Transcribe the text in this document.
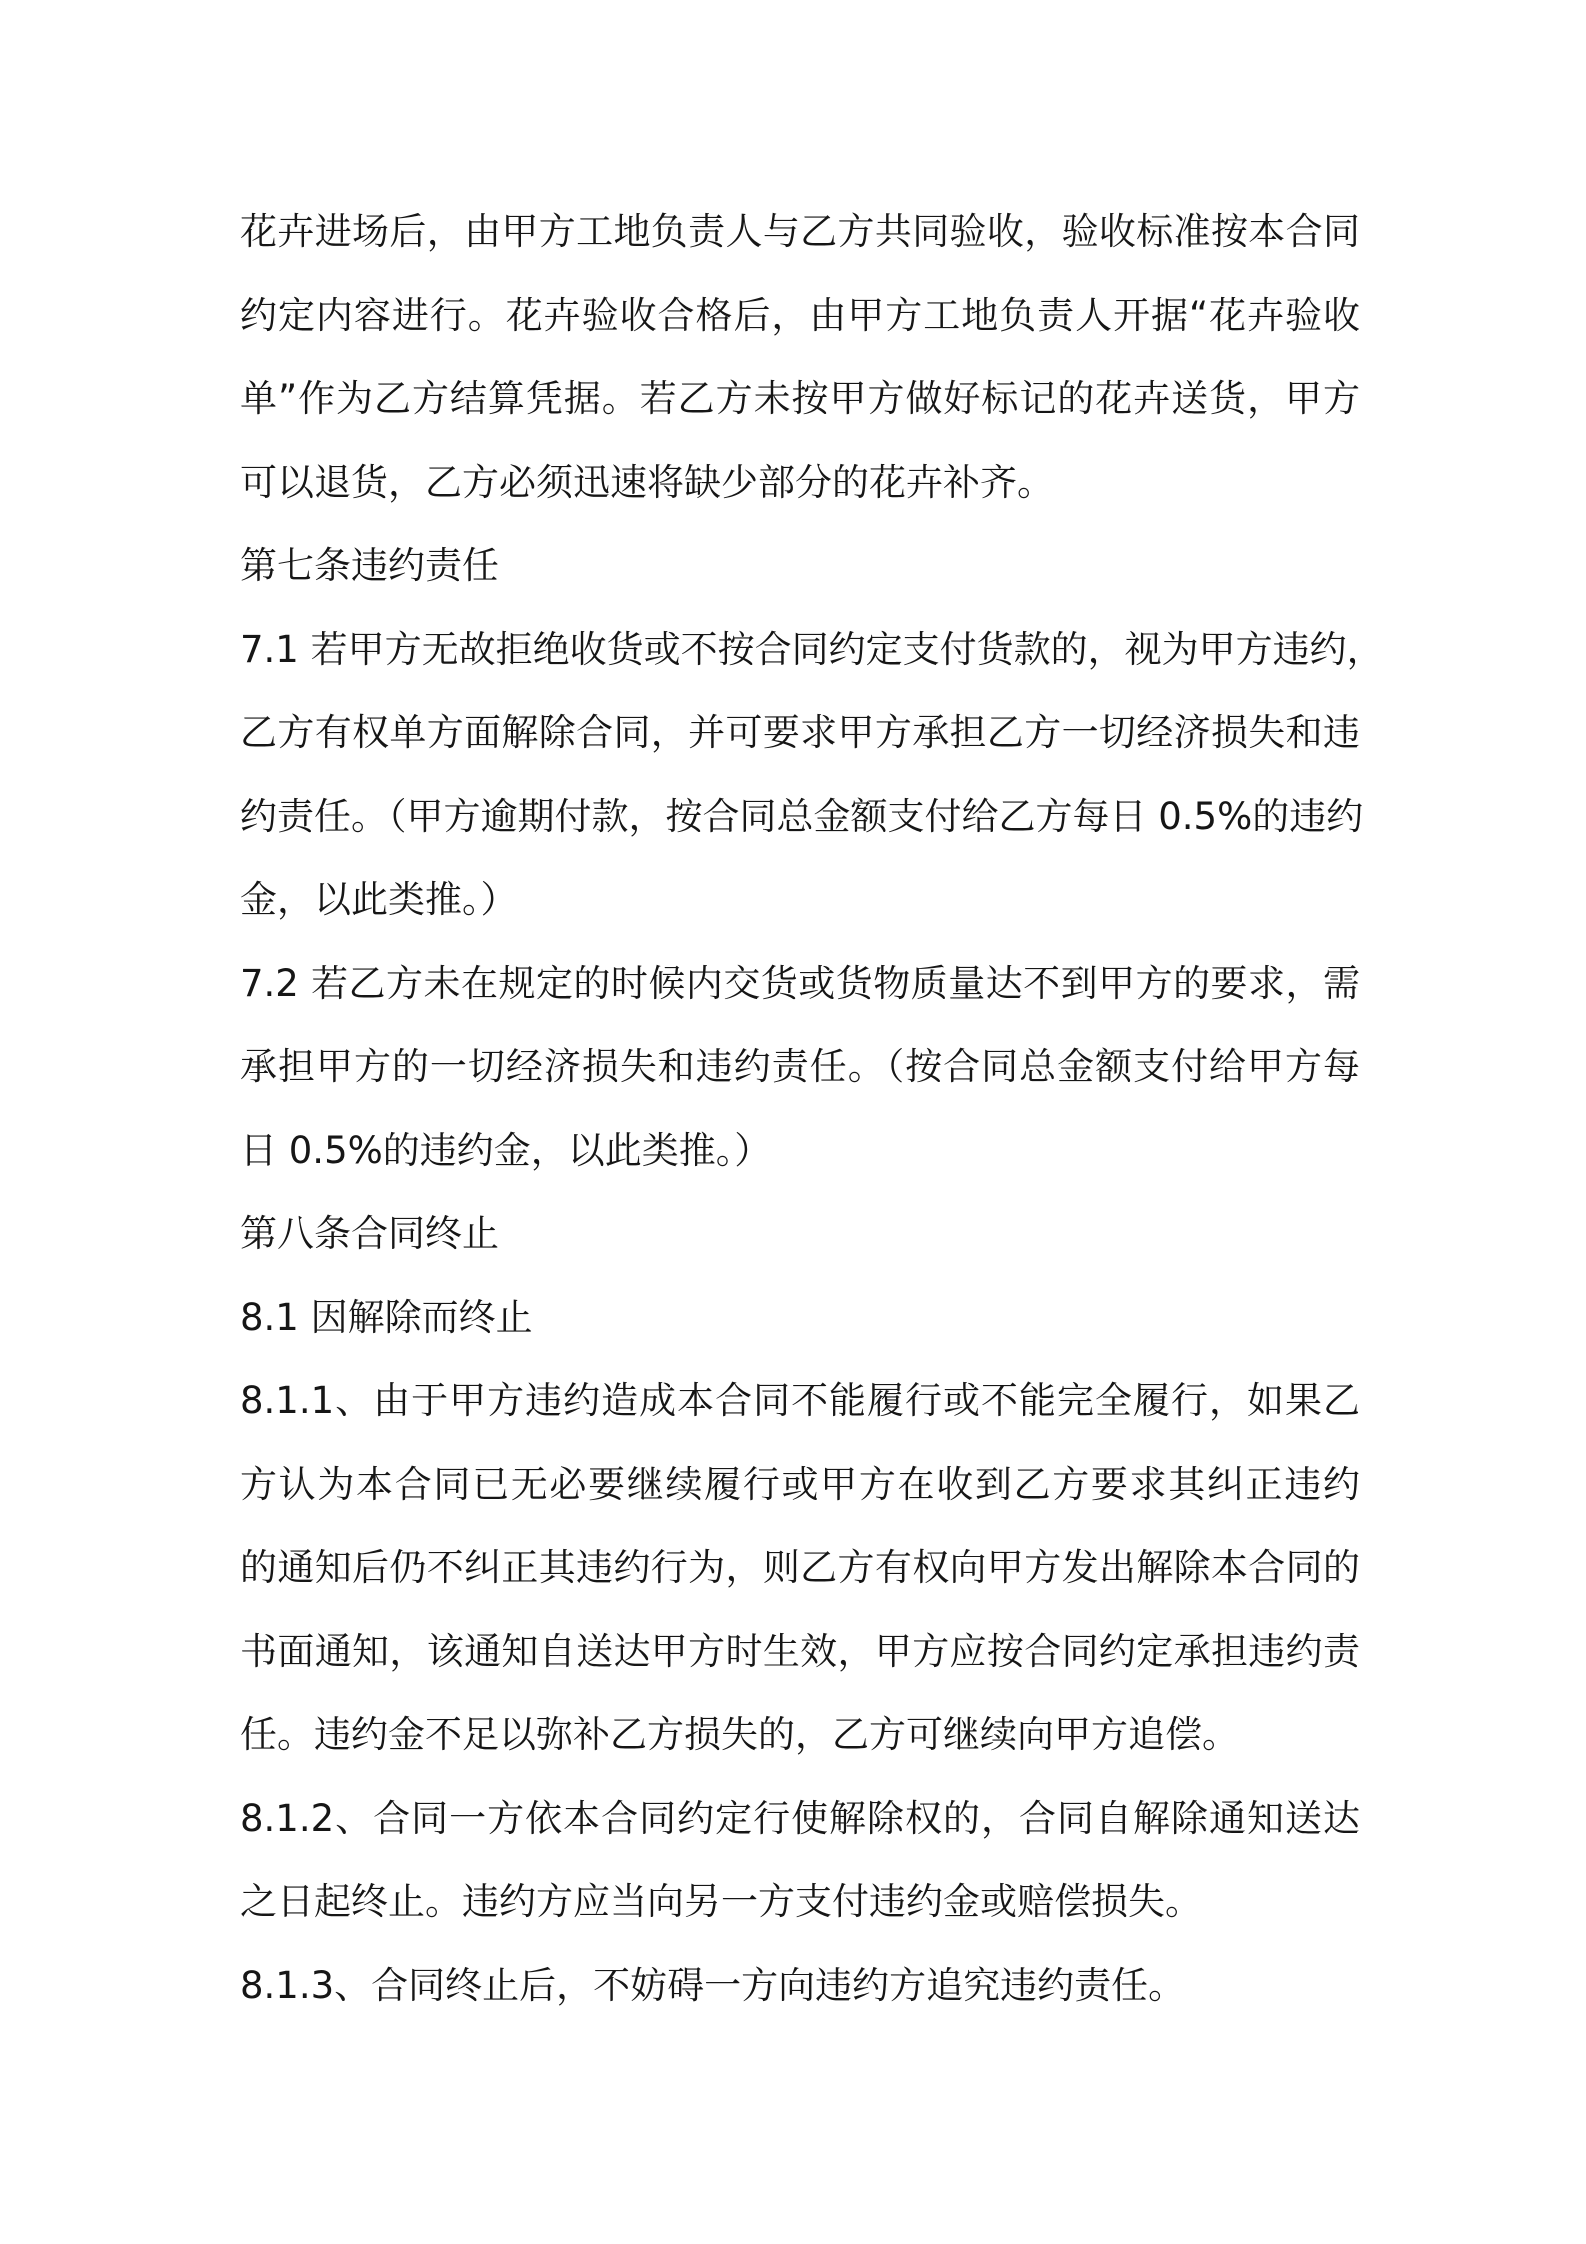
花卉进场后，由甲方工地负责人与乙方共同验收，验收标准按本合同
约定内容进行。花卉验收合格后，由甲方工地负责人开据“花卉验收
单”作为乙方结算凭据。若乙方未按甲方做好标记的花卉送货，甲方
可以退货，乙方必须迅速将缺少部分的花卉补齐。

第七条违约责任

7.1 若甲方无故拒绝收货或不按合同约定支付货款的，视为甲方违约，
乙方有权单方面解除合同，并可要求甲方承担乙方一切经济损失和违
约责任。（甲方逾期付款，按合同总金额支付给乙方每日 0.5%的违约
金，以此类推。）

7.2 若乙方未在规定的时候内交货或货物质量达不到甲方的要求，需
承担甲方的一切经济损失和违约责任。（按合同总金额支付给甲方每
日 0.5%的违约金，以此类推。）

第八条合同终止

8.1 因解除而终止

8.1.1、由于甲方违约造成本合同不能履行或不能完全履行，如果乙
方认为本合同已无必要继续履行或甲方在收到乙方要求其纠正违约
的通知后仍不纠正其违约行为，则乙方有权向甲方发出解除本合同的
书面通知，该通知自送达甲方时生效，甲方应按合同约定承担违约责
任。违约金不足以弥补乙方损失的，乙方可继续向甲方追偿。

8.1.2、合同一方依本合同约定行使解除权的，合同自解除通知送达
之日起终止。违约方应当向另一方支付违约金或赔偿损失。

8.1.3、合同终止后，不妨碍一方向违约方追究违约责任。
